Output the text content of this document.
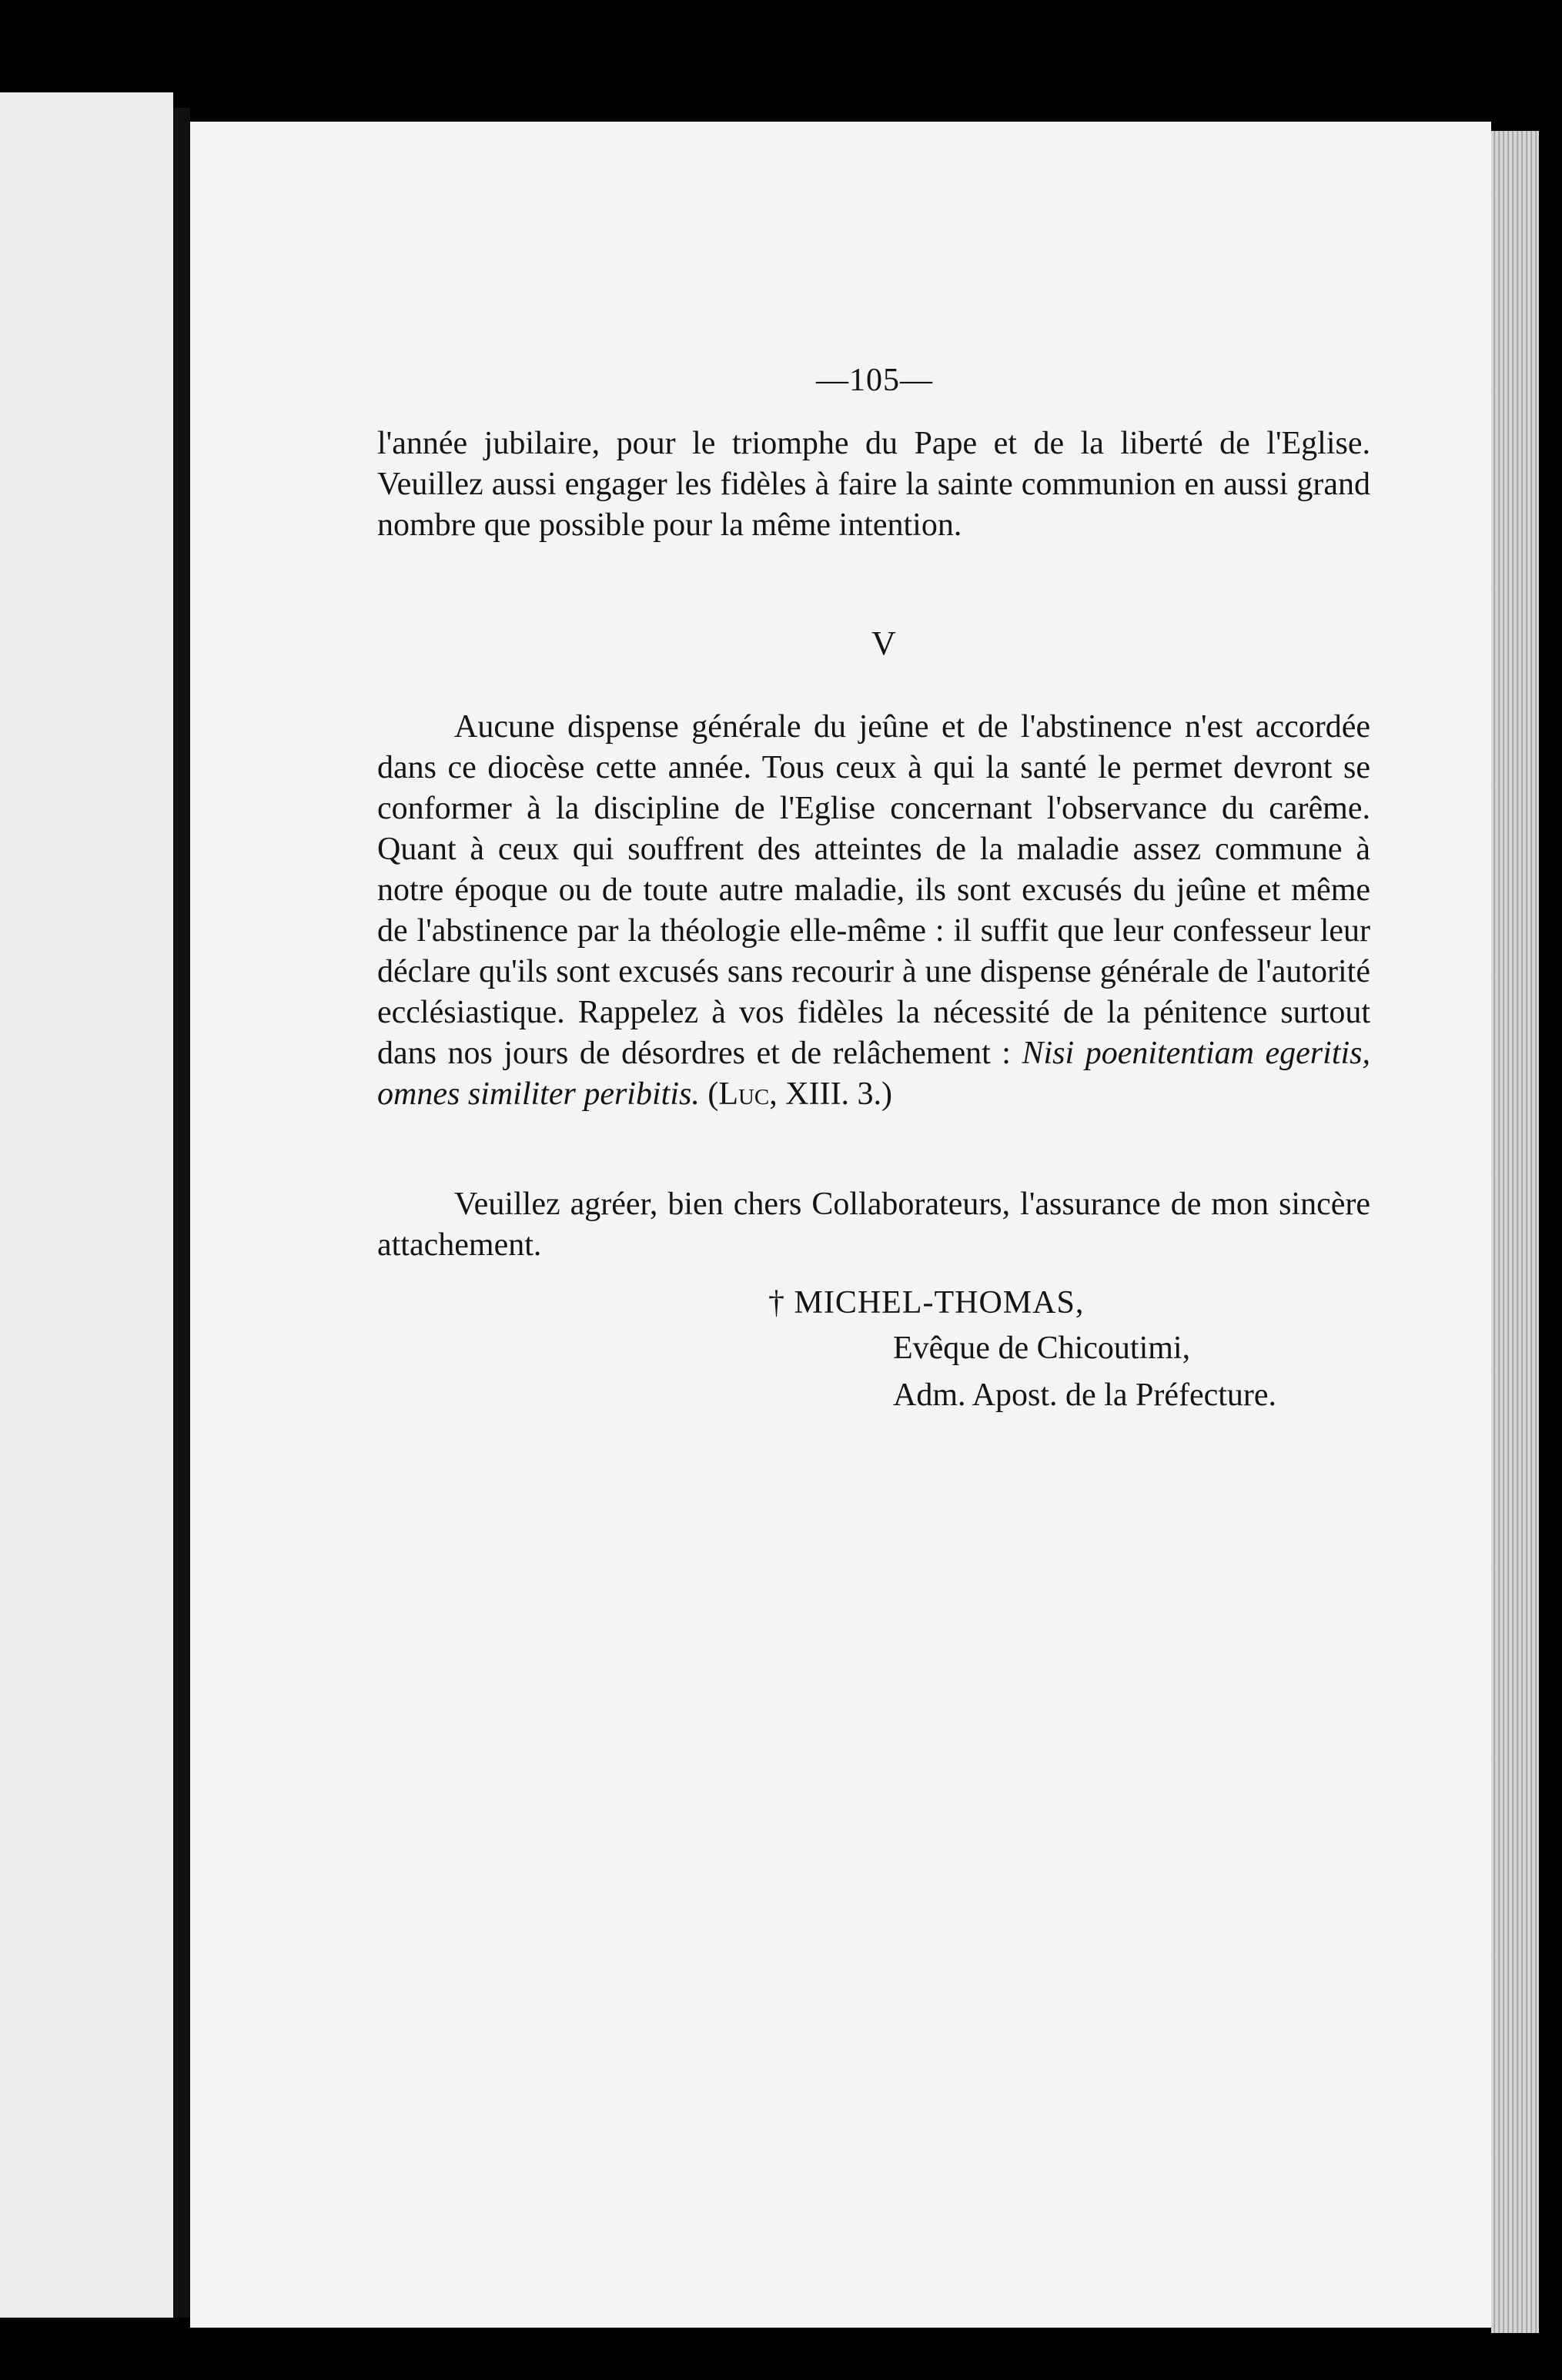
—105—

l'année jubilaire, pour le triomphe du Pape et de la liberté de l'Eglise. Veuillez aussi engager les fidèles à faire la sainte communion en aussi grand nombre que possible pour la même intention.

V

Aucune dispense générale du jeûne et de l'abstinence n'est accordée dans ce diocèse cette année. Tous ceux à qui la santé le permet devront se conformer à la discipline de l'Eglise concernant l'observance du carême. Quant à ceux qui souffrent des atteintes de la maladie assez commune à notre époque ou de toute autre maladie, ils sont excusés du jeûne et même de l'abstinence par la théologie elle-même : il suffit que leur confesseur leur déclare qu'ils sont excusés sans recourir à une dispense générale de l'autorité ecclésiastique. Rappelez à vos fidèles la nécessité de la pénitence surtout dans nos jours de désordres et de relâchement : Nisi poenitentiam egeritis, omnes similiter peribitis. (Luc, XIII. 3.)

Veuillez agréer, bien chers Collaborateurs, l'assurance de mon sincère attachement.

† MICHEL-THOMAS,
Evêque de Chicoutimi,
Adm. Apost. de la Préfecture.
